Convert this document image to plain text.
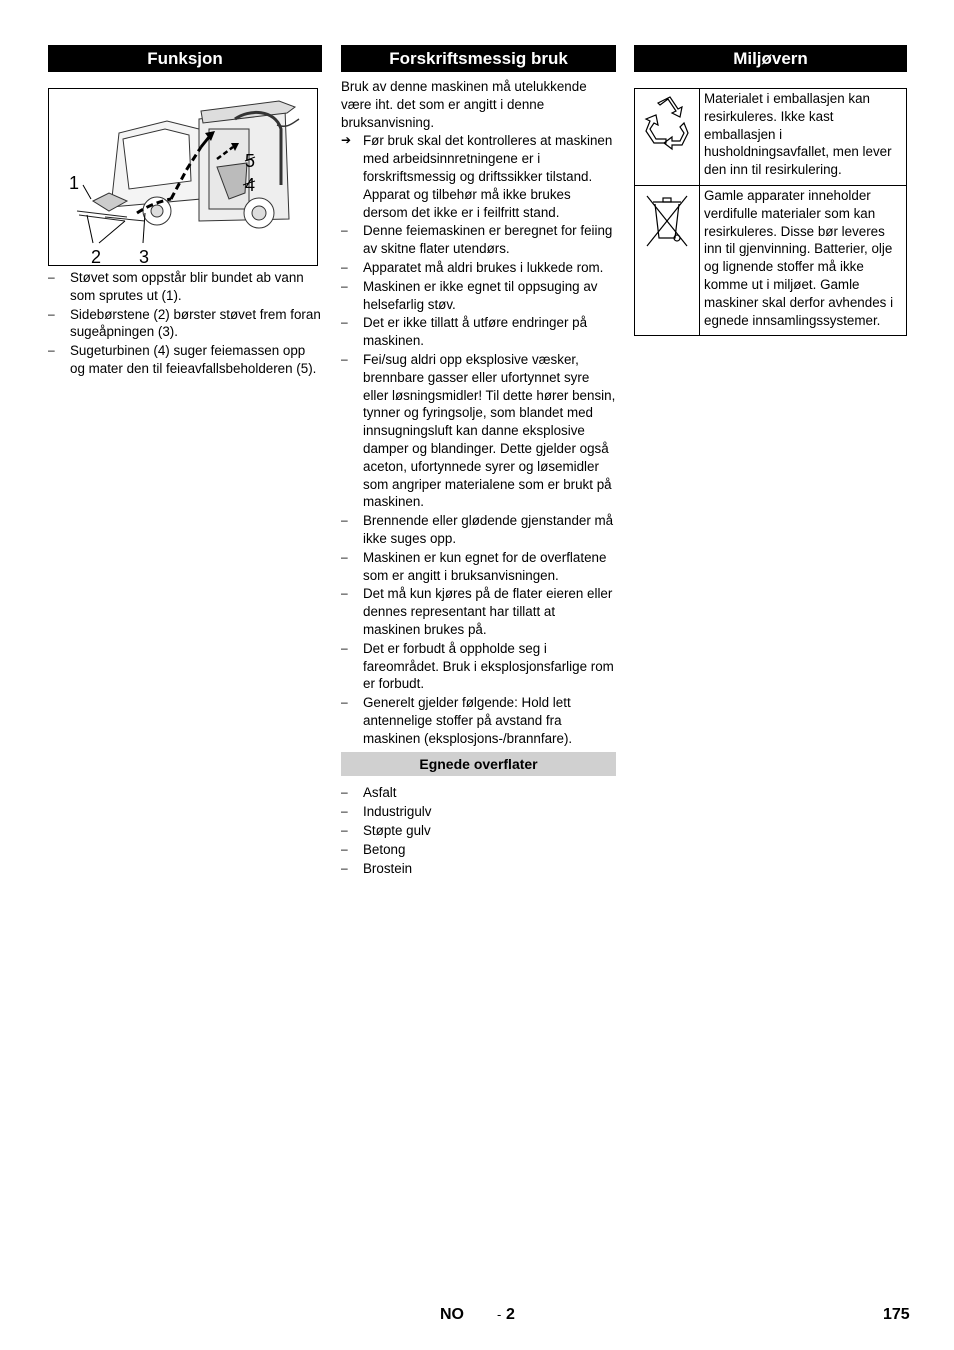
Funksjon
1
2 3
4
5
– Støvet som oppstår blir bundet ab vann som sprutes ut (1).
– Sidebørstene (2) børster støvet frem foran sugeåpningen (3).
– Sugeturbinen (4) suger feiemassen opp og mater den til feieavfallsbeholderen (5).
Forskriftsmessig bruk
Bruk av denne maskinen må utelukkende være iht. det som er angitt i denne bruksanvisning.
➔ Før bruk skal det kontrolleres at maskinen med arbeidsinnretningene er i forskriftsmessig og driftssikker tilstand. Apparat og tilbehør må ikke brukes dersom det ikke er i feilfritt stand.
– Denne feiemaskinen er beregnet for feiing av skitne flater utendørs.
– Apparatet må aldri brukes i lukkede rom.
– Maskinen er ikke egnet til oppsuging av helsefarlig støv.
– Det er ikke tillatt å utføre endringer på maskinen.
– Fei/sug aldri opp eksplosive væsker, brennbare gasser eller ufortynnet syre eller løsningsmidler! Til dette hører bensin, tynner og fyringsolje, som blandet med innsugningsluft kan danne eksplosive damper og blandinger. Dette gjelder også aceton, ufortynnede syrer og løsemidler som angriper materialene som er brukt på maskinen.
– Brennende eller glødende gjenstander må ikke suges opp.
– Maskinen er kun egnet for de overflatene som er angitt i bruksanvisningen.
– Det må kun kjøres på de flater eieren eller dennes representant har tillatt at maskinen brukes på.
– Det er forbudt å oppholde seg i fareområdet. Bruk i eksplosjonsfarlige rom er forbudt.
– Generelt gjelder følgende: Hold lett antennelige stoffer på avstand fra maskinen (eksplosjons-/brannfare).
Egnede overflater
– Asfalt
– Industrigulv
– Støpte gulv
– Betong
– Brostein
Miljøvern
	Materialet i emballasjen kan resirkuleres. Ikke kast emballasjen i husholdningsavfallet, men lever den inn til resirkulering.
	Gamle apparater inneholder verdifulle materialer som kan resirkuleres. Disse bør leveres inn til gjenvinning. Batterier, olje og lignende stoffer må ikke komme ut i miljøet. Gamle maskiner skal derfor avhendes i egnede innsamlingssystemer.
NO	- 2	175
